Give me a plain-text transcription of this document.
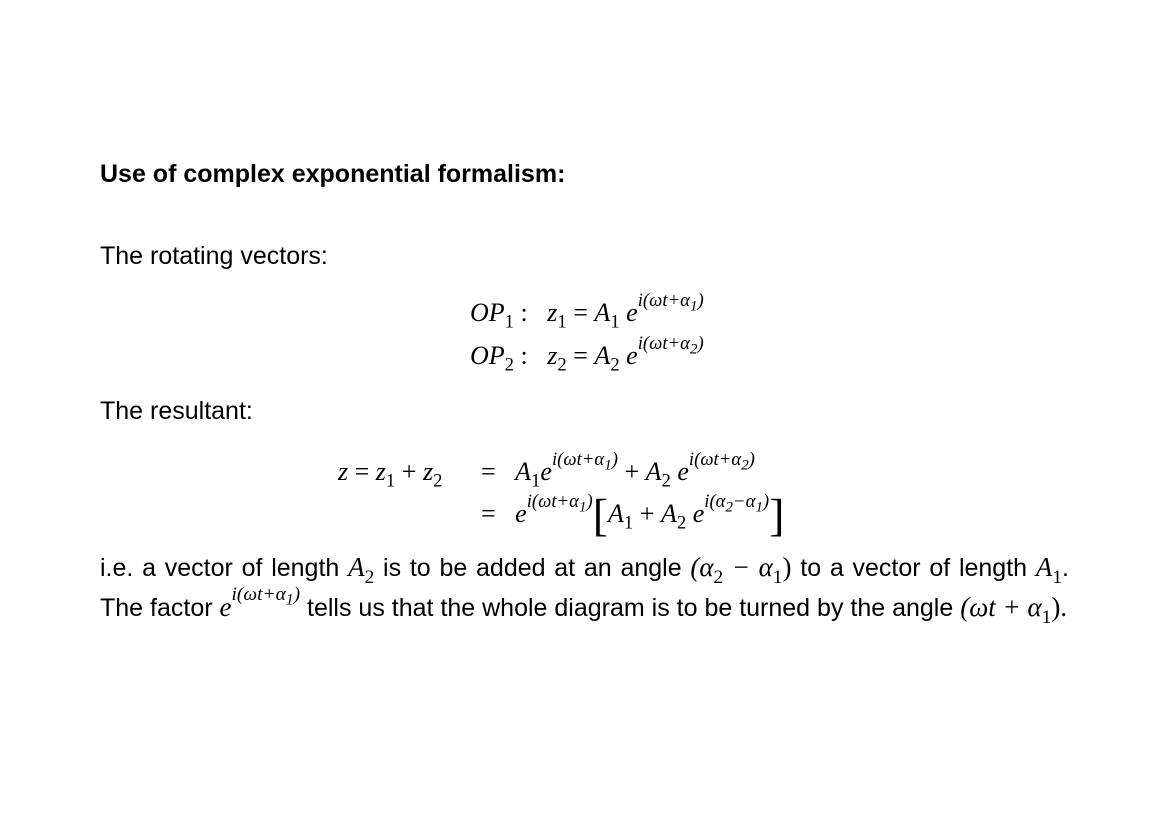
Use of complex exponential formalism:
The rotating vectors:
$OP_1$ : $z_1 = A_1$ $e^{i(\omega t+\alpha_1)}$
$OP_2$ : $z_2 = A_2$ $e^{i(\omega t+\alpha_2)}$
The resultant:
$z = z_1 + z_2 = A_1e^{i(\omega t+\alpha_1)} + A_2$ $e^{i(\omega t+\alpha_2)}$
= $e^{i(\omega t+\alpha_1)}[A_1 + A_2$ $e^{i(\alpha_2-\alpha_1)}$]
i.e. a vector of length $A_2$ is to be added at an angle $(\alpha_2 - \alpha_1)$ to a vector of length $A_1$. The factor $e^{i(\omega t+\alpha_1)}$ tells us that the whole diagram is to be turned by the angle $(\omega t + \alpha_1)$.
